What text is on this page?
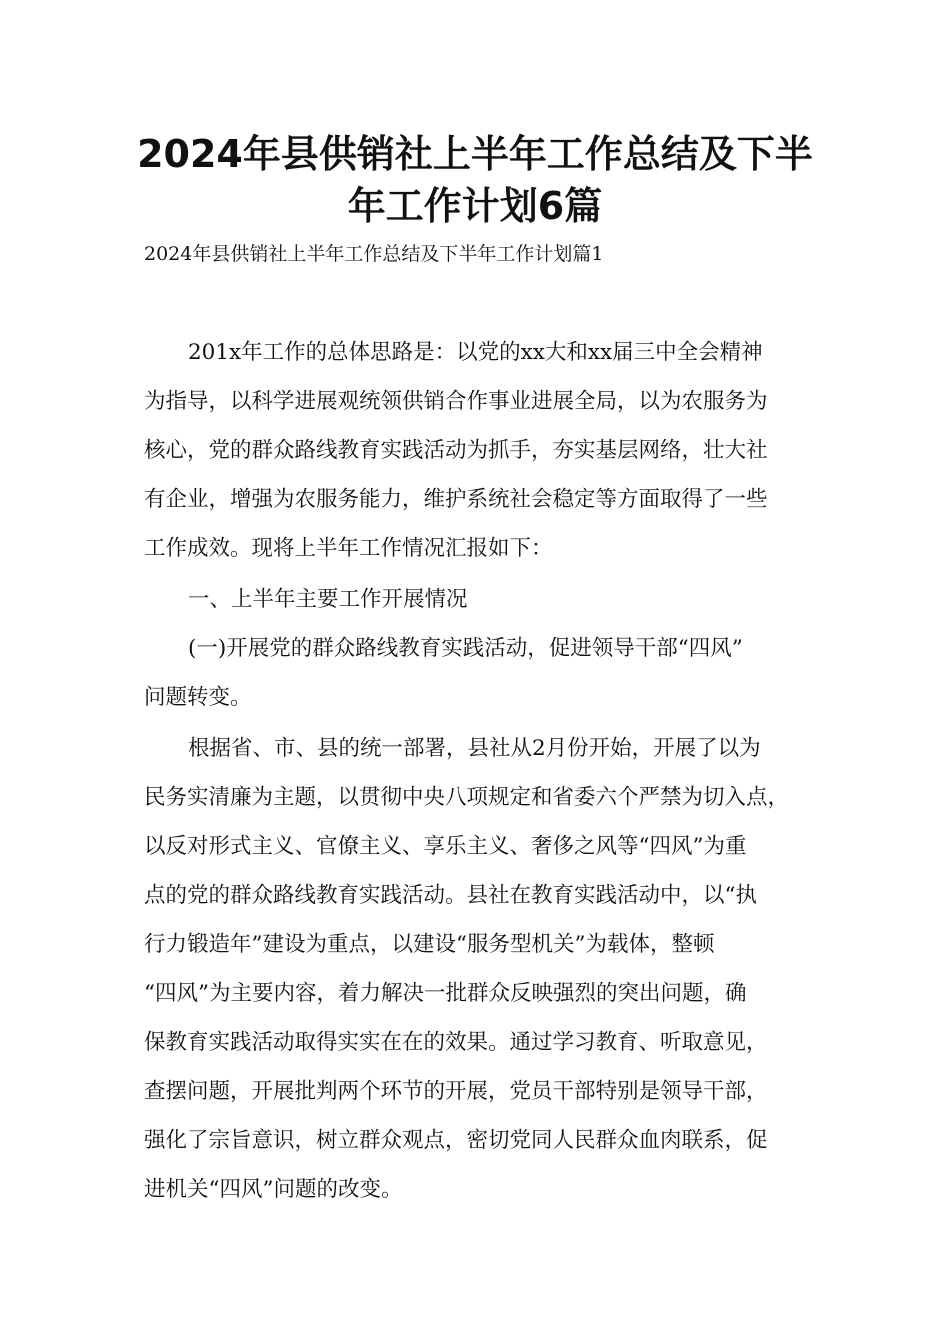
2024年县供销社上半年工作总结及下半
年工作计划6篇

2024年县供销社上半年工作总结及下半年工作计划篇1

201x年工作的总体思路是：以党的xx大和xx届三中全会精神

为指导，以科学进展观统领供销合作事业进展全局，以为农服务为

核心，党的群众路线教育实践活动为抓手，夯实基层网络，壮大社

有企业，增强为农服务能力，维护系统社会稳定等方面取得了一些

工作成效。现将上半年工作情况汇报如下：

一、上半年主要工作开展情况

(一)开展党的群众路线教育实践活动，促进领导干部“四风”

问题转变。

根据省、市、县的统一部署，县社从2月份开始，开展了以为

民务实清廉为主题，以贯彻中央八项规定和省委六个严禁为切入点，

以反对形式主义、官僚主义、享乐主义、奢侈之风等“四风”为重

点的党的群众路线教育实践活动。县社在教育实践活动中，以“执

行力锻造年”建设为重点，以建设“服务型机关”为载体，整顿

“四风”为主要内容，着力解决一批群众反映强烈的突出问题，确

保教育实践活动取得实实在在的效果。通过学习教育、听取意见，

查摆问题，开展批判两个环节的开展，党员干部特别是领导干部，

强化了宗旨意识，树立群众观点，密切党同人民群众血肉联系，促

进机关“四风”问题的改变。
